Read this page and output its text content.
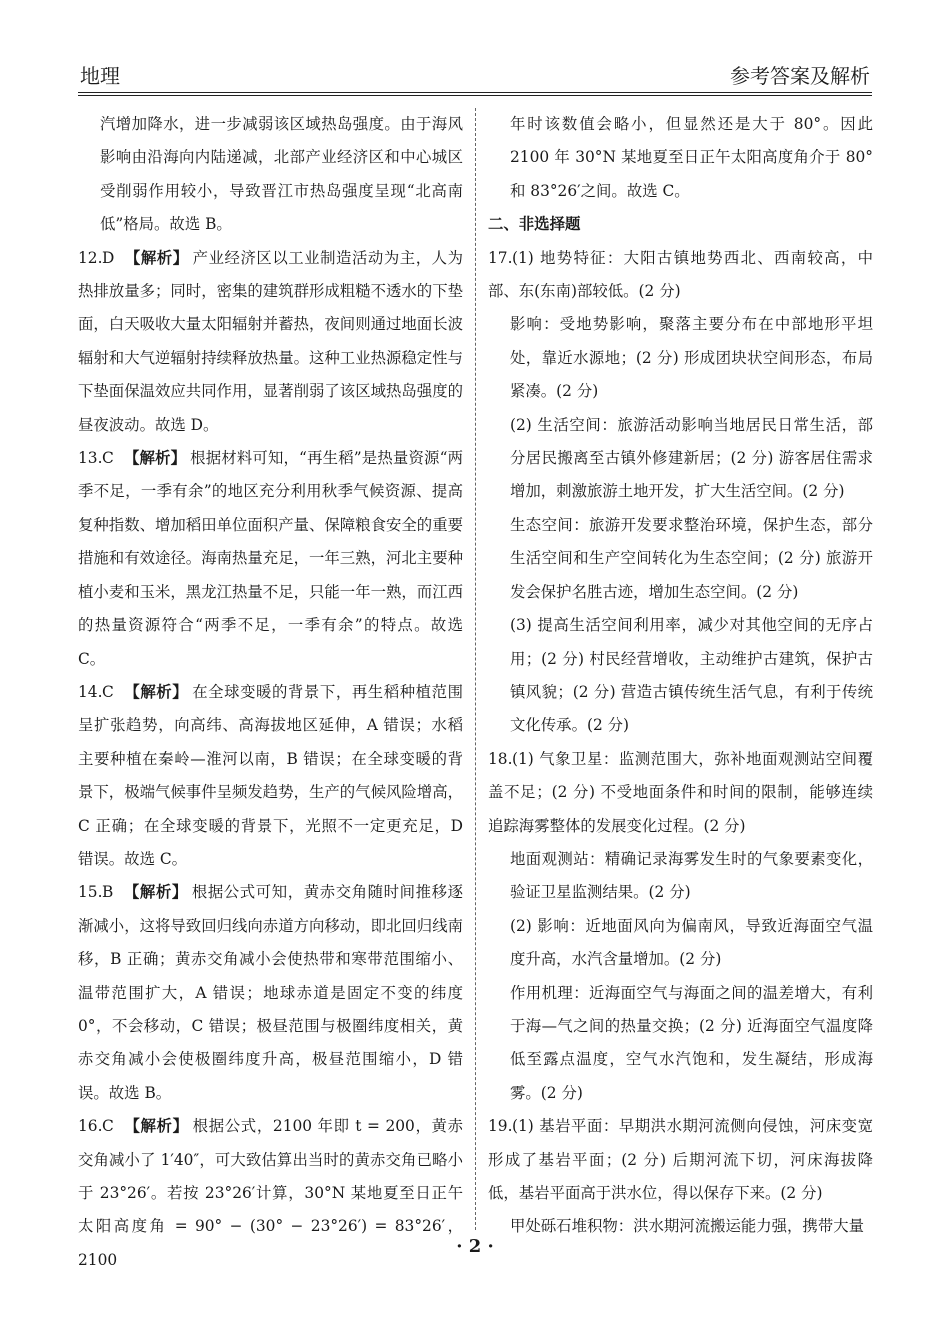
地理	参考答案及解析
汽增加降水，进一步减弱该区域热岛强度。由于海风影响由沿海向内陆递减，北部产业经济区和中心城区受削弱作用较小，导致晋江市热岛强度呈现“北高南低”格局。故选 B。
12.D 【解析】 产业经济区以工业制造活动为主，人为热排放量多；同时，密集的建筑群形成粗糙不透水的下垫面，白天吸收大量太阳辐射并蓄热，夜间则通过地面长波辐射和大气逆辐射持续释放热量。这种工业热源稳定性与下垫面保温效应共同作用，显著削弱了该区域热岛强度的昼夜波动。故选 D。
13.C 【解析】 根据材料可知，“再生稻”是热量资源“两季不足，一季有余”的地区充分利用秋季气候资源、提高复种指数、增加稻田单位面积产量、保障粮食安全的重要措施和有效途径。海南热量充足，一年三熟，河北主要种植小麦和玉米，黑龙江热量不足，只能一年一熟，而江西的热量资源符合“两季不足，一季有余”的特点。故选 C。
14.C 【解析】 在全球变暖的背景下，再生稻种植范围呈扩张趋势，向高纬、高海拔地区延伸，A 错误；水稻主要种植在秦岭—淮河以南，B 错误；在全球变暖的背景下，极端气候事件呈频发趋势，生产的气候风险增高，C 正确；在全球变暖的背景下，光照不一定更充足，D 错误。故选 C。
15.B 【解析】 根据公式可知，黄赤交角随时间推移逐渐减小，这将导致回归线向赤道方向移动，即北回归线南移，B 正确；黄赤交角减小会使热带和寒带范围缩小、温带范围扩大，A 错误；地球赤道是固定不变的纬度 0°，不会移动，C 错误；极昼范围与极圈纬度相关，黄赤交角减小会使极圈纬度升高，极昼范围缩小，D 错误。故选 B。
16.C 【解析】 根据公式，2100 年即 t = 200，黄赤交角减小了 1′40″，可大致估算出当时的黄赤交角已略小于 23°26′。若按 23°26′计算，30°N 某地夏至日正午太阳高度角 = 90° − (30° − 23°26′) = 83°26′，2100
年时该数值会略小，但显然还是大于 80°。因此 2100 年 30°N 某地夏至日正午太阳高度角介于 80°和 83°26′之间。故选 C。
二、非选择题
17.(1) 地势特征：大阳古镇地势西北、西南较高，中部、东(东南)部较低。(2 分)
影响：受地势影响，聚落主要分布在中部地形平坦处，靠近水源地；(2 分) 形成团块状空间形态，布局紧凑。(2 分)
(2) 生活空间：旅游活动影响当地居民日常生活，部分居民搬离至古镇外修建新居；(2 分) 游客居住需求增加，刺激旅游土地开发，扩大生活空间。(2 分)
生态空间：旅游开发要求整治环境，保护生态，部分生活空间和生产空间转化为生态空间；(2 分) 旅游开发会保护名胜古迹，增加生态空间。(2 分)
(3) 提高生活空间利用率，减少对其他空间的无序占用；(2 分) 村民经营增收，主动维护古建筑，保护古镇风貌；(2 分) 营造古镇传统生活气息，有利于传统文化传承。(2 分)
18.(1) 气象卫星：监测范围大，弥补地面观测站空间覆盖不足；(2 分) 不受地面条件和时间的限制，能够连续追踪海雾整体的发展变化过程。(2 分)
地面观测站：精确记录海雾发生时的气象要素变化，验证卫星监测结果。(2 分)
(2) 影响：近地面风向为偏南风，导致近海面空气温度升高，水汽含量增加。(2 分)
作用机理：近海面空气与海面之间的温差增大，有利于海—气之间的热量交换；(2 分) 近海面空气温度降低至露点温度，空气水汽饱和，发生凝结，形成海雾。(2 分)
19.(1) 基岩平面：早期洪水期河流侧向侵蚀，河床变宽形成了基岩平面；(2 分) 后期河流下切，河床海拔降低，基岩平面高于洪水位，得以保存下来。(2 分)
甲处砾石堆积物：洪水期河流搬运能力强，携带大量
· 2 ·
